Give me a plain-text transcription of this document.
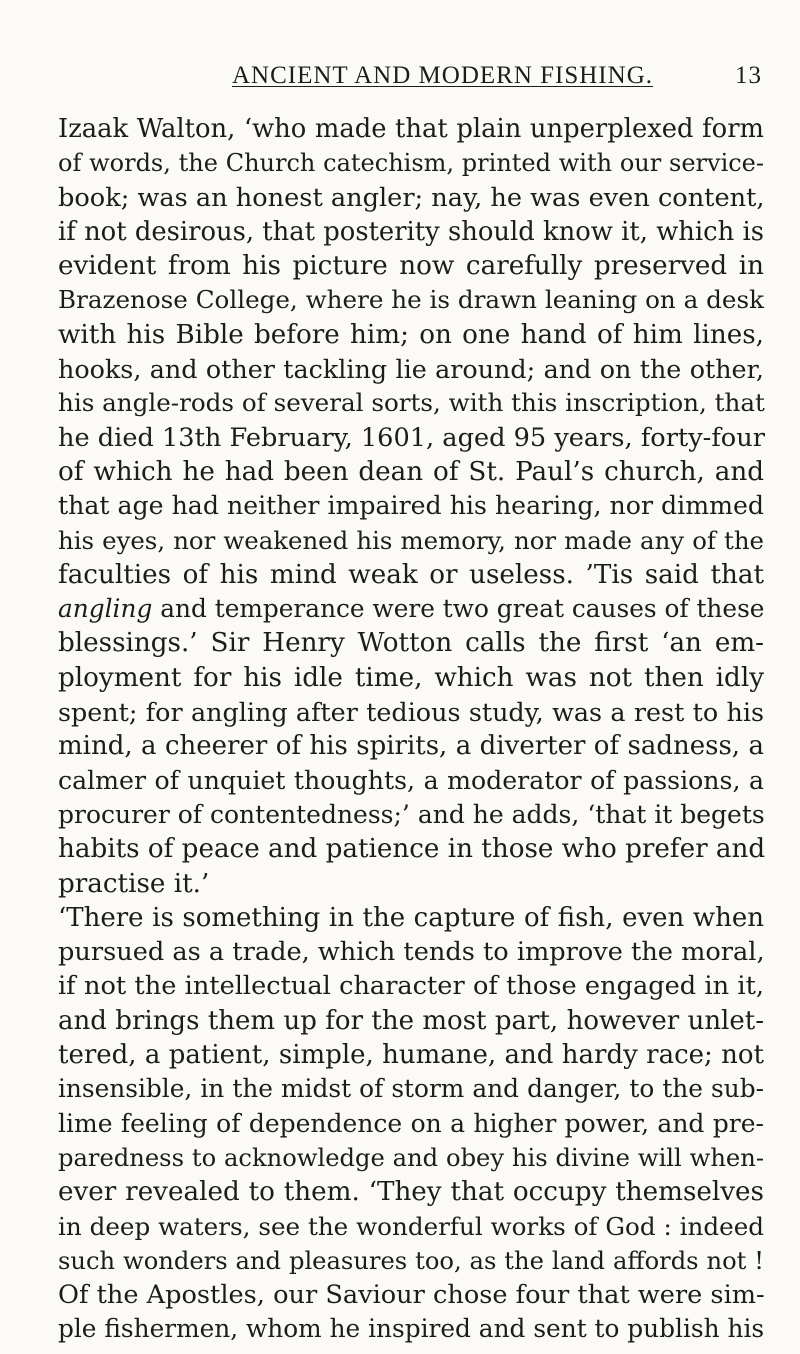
ANCIENT AND MODERN FISHING.	13
Izaak Walton, ‘who made that plain unperplexed form
of words, the Church catechism, printed with our service-
book; was an honest angler; nay, he was even content,
if not desirous, that posterity should know it, which is
evident from his picture now carefully preserved in
Brazenose College, where he is drawn leaning on a desk
with his Bible before him; on one hand of him lines,
hooks, and other tackling lie around; and on the other,
his angle-rods of several sorts, with this inscription, that
he died 13th February, 1601, aged 95 years, forty-four
of which he had been dean of St. Paul’s church, and
that age had neither impaired his hearing, nor dimmed
his eyes, nor weakened his memory, nor made any of the
faculties of his mind weak or useless. ’Tis said that
angling and temperance were two great causes of these
blessings.’ Sir Henry Wotton calls the first ‘an em-
ployment for his idle time, which was not then idly
spent; for angling after tedious study, was a rest to his
mind, a cheerer of his spirits, a diverter of sadness, a
calmer of unquiet thoughts, a moderator of passions, a
procurer of contentedness;’ and he adds, ‘that it begets
habits of peace and patience in those who prefer and
practise it.’
‘There is something in the capture of fish, even when
pursued as a trade, which tends to improve the moral,
if not the intellectual character of those engaged in it,
and brings them up for the most part, however unlet-
tered, a patient, simple, humane, and hardy race; not
insensible, in the midst of storm and danger, to the sub-
lime feeling of dependence on a higher power, and pre-
paredness to acknowledge and obey his divine will when-
ever revealed to them. ‘They that occupy themselves
in deep waters, see the wonderful works of God : indeed
such wonders and pleasures too, as the land affords not !
Of the Apostles, our Saviour chose four that were sim-
ple fishermen, whom he inspired and sent to publish his
